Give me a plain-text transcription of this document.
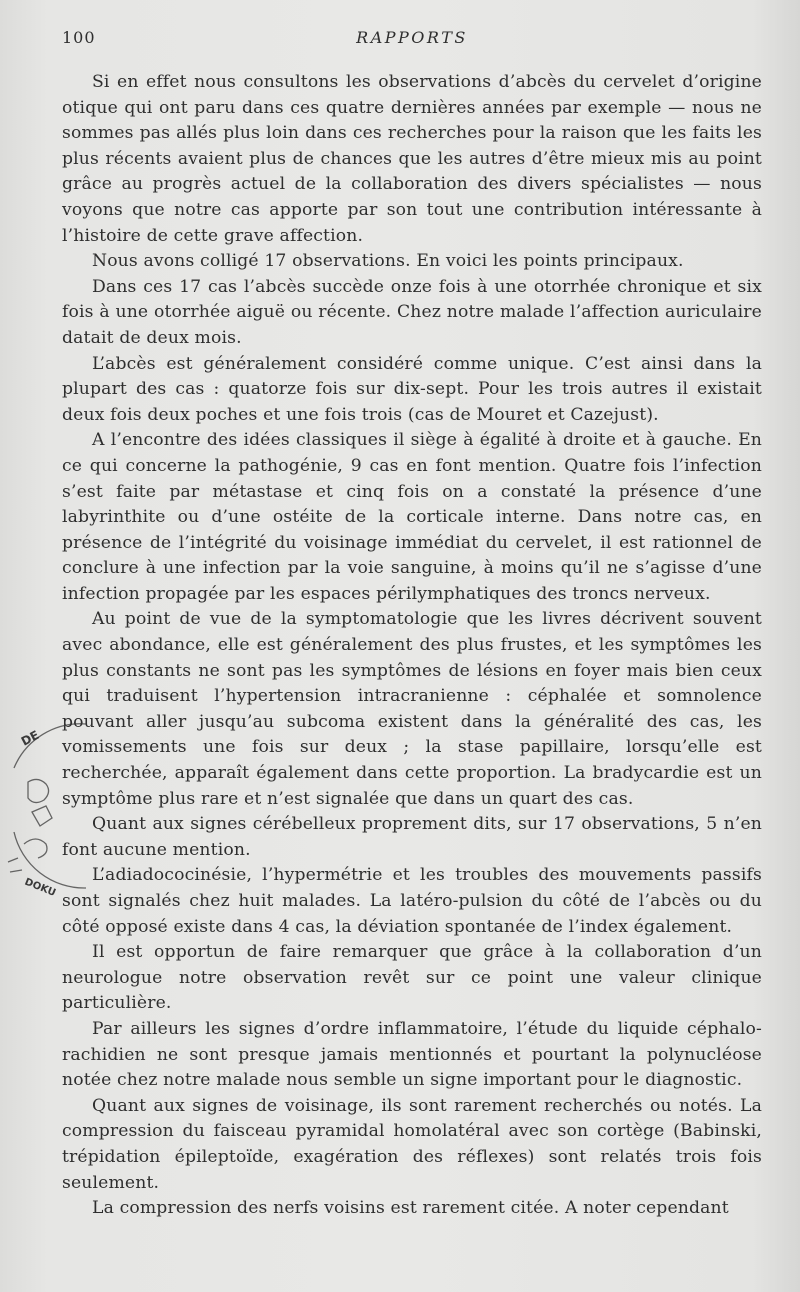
100	RAPPORTS

Si en effet nous consultons les observations d’abcès du cervelet d’origine otique qui ont paru dans ces quatre dernières années par exemple — nous ne sommes pas allés plus loin dans ces recherches pour la raison que les faits les plus récents avaient plus de chances que les autres d’être mieux mis au point grâce au progrès actuel de la collaboration des divers spécialistes — nous voyons que notre cas apporte par son tout une contribution intéressante à l’histoire de cette grave affection.

Nous avons colligé 17 observations. En voici les points principaux.

Dans ces 17 cas l’abcès succède onze fois à une otorrhée chronique et six fois à une otorrhée aiguë ou récente. Chez notre malade l’affection auriculaire datait de deux mois.

L’abcès est généralement considéré comme unique. C’est ainsi dans la plupart des cas : quatorze fois sur dix-sept. Pour les trois autres il existait deux fois deux poches et une fois trois (cas de Mouret et Cazejust).

A l’encontre des idées classiques il siège à égalité à droite et à gauche. En ce qui concerne la pathogénie, 9 cas en font mention. Quatre fois l’infection s’est faite par métastase et cinq fois on a constaté la présence d’une labyrinthite ou d’une ostéite de la corticale interne. Dans notre cas, en présence de l’intégrité du voisinage immédiat du cervelet, il est rationnel de conclure à une infection par la voie sanguine, à moins qu’il ne s’agisse d’une infection propagée par les espaces périlymphatiques des troncs nerveux.

Au point de vue de la symptomatologie que les livres décrivent souvent avec abondance, elle est généralement des plus frustes, et les symptômes les plus constants ne sont pas les symptômes de lésions en foyer mais bien ceux qui traduisent l’hypertension intracranienne : céphalée et somnolence pouvant aller jusqu’au subcoma existent dans la généralité des cas, les vomissements une fois sur deux ; la stase papillaire, lorsqu’elle est recherchée, apparaît également dans cette proportion. La bradycardie est un symptôme plus rare et n’est signalée que dans un quart des cas.

Quant aux signes cérébelleux proprement dits, sur 17 observations, 5 n’en font aucune mention.

L’adiadococinésie, l’hypermétrie et les troubles des mouvements passifs sont signalés chez huit malades. La latéro-pulsion du côté de l’abcès ou du côté opposé existe dans 4 cas, la déviation spontanée de l’index également.

Il est opportun de faire remarquer que grâce à la collaboration d’un neurologue notre observation revêt sur ce point une valeur clinique particulière.

Par ailleurs les signes d’ordre inflammatoire, l’étude du liquide céphalo-rachidien ne sont presque jamais mentionnés et pourtant la polynucléose notée chez notre malade nous semble un signe important pour le diagnostic.

Quant aux signes de voisinage, ils sont rarement recherchés ou notés. La compression du faisceau pyramidal homolatéral avec son cortège (Babinski, trépidation épileptoïde, exagération des réflexes) sont relatés trois fois seulement.

La compression des nerfs voisins est rarement citée. A noter cependant

DE
DOKU
